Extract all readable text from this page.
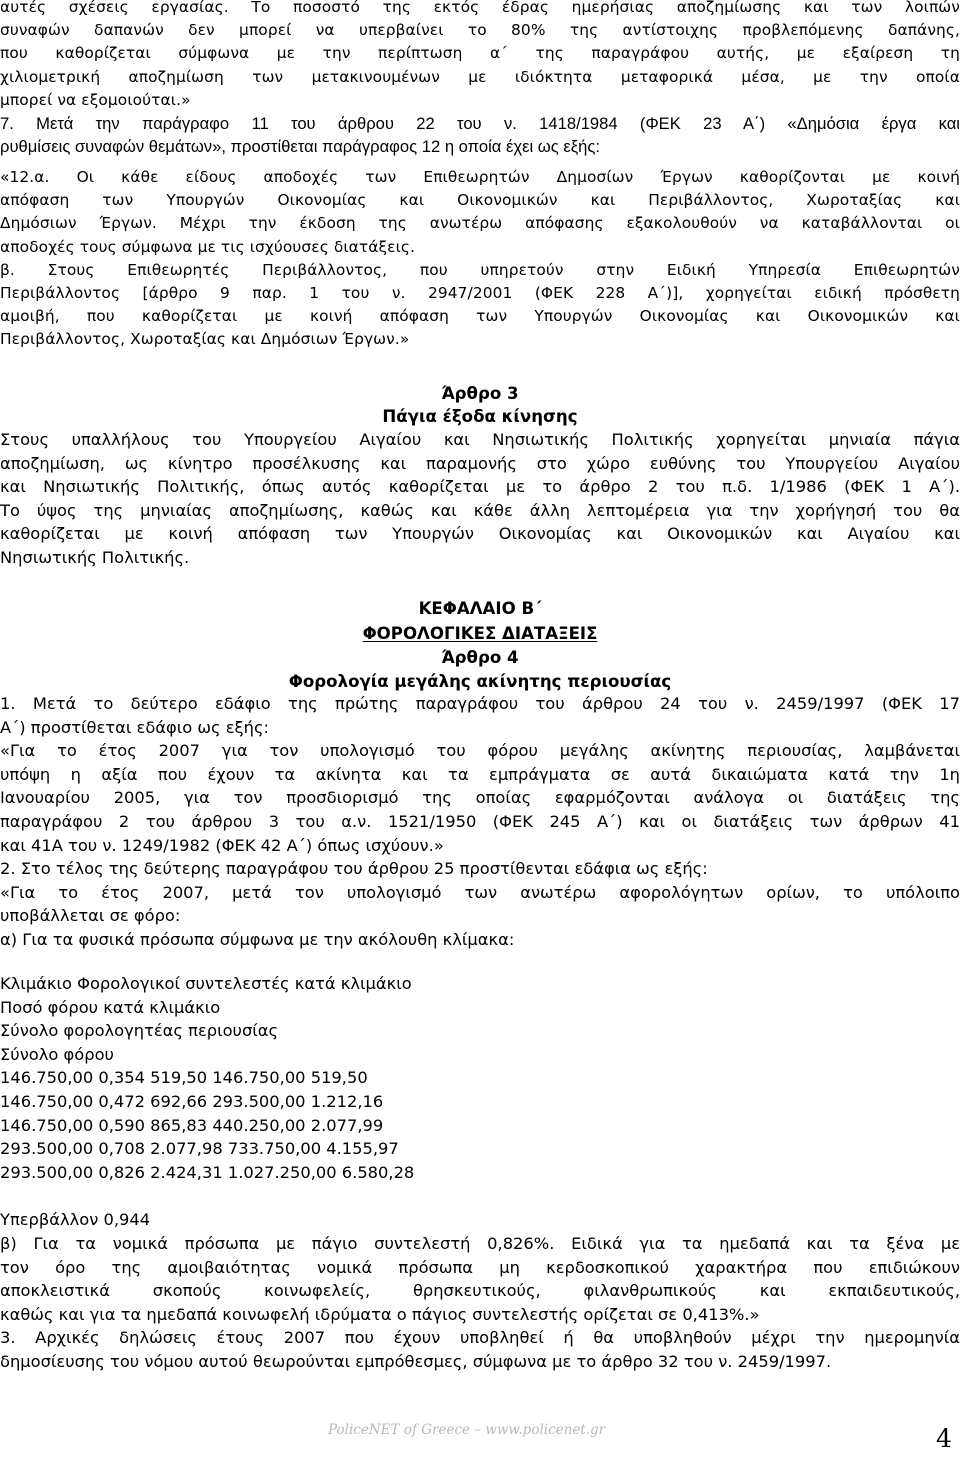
αυτές σχέσεις εργασίας. Το ποσοστό της εκτός έδρας ημερήσιας αποζημίωσης και των λοιπών
συναφών δαπανών δεν μπορεί να υπερβαίνει το 80% της αντίστοιχης προβλεπόμενης δαπάνης,
που καθορίζεται σύμφωνα με την περίπτωση α΄ της παραγράφου αυτής, με εξαίρεση τη
χιλιομετρική αποζημίωση των μετακινουμένων με ιδιόκτητα μεταφορικά μέσα, με την οποία
μπορεί να εξομοιούται.»
7. Μετά την παράγραφο 11 του άρθρου 22 του ν. 1418/1984 (ΦΕΚ 23 Α΄) «Δημόσια έργα και
ρυθμίσεις συναφών θεμάτων», προστίθεται παράγραφος 12 η οποία έχει ως εξής:
«12.α. Οι κάθε είδους αποδοχές των Επιθεωρητών Δημοσίων Έργων καθορίζονται με κοινή
απόφαση των Υπουργών Οικονομίας και Οικονομικών και Περιβάλλοντος, Χωροταξίας και
Δημόσιων Έργων. Μέχρι την έκδοση της ανωτέρω απόφασης εξακολουθούν να καταβάλλονται οι
αποδοχές τους σύμφωνα με τις ισχύουσες διατάξεις.
β. Στους Επιθεωρητές Περιβάλλοντος, που υπηρετούν στην Ειδική Υπηρεσία Επιθεωρητών
Περιβάλλοντος [άρθρο 9 παρ. 1 του ν. 2947/2001 (ΦΕΚ 228 Α΄)], χορηγείται ειδική πρόσθετη
αμοιβή, που καθορίζεται με κοινή απόφαση των Υπουργών Οικονομίας και Οικονομικών και
Περιβάλλοντος, Χωροταξίας και Δημόσιων Έργων.»
Άρθρο 3
Πάγια έξοδα κίνησης
Στους υπαλλήλους του Υπουργείου Αιγαίου και Νησιωτικής Πολιτικής χορηγείται μηνιαία πάγια
αποζημίωση, ως κίνητρο προσέλκυσης και παραμονής στο χώρο ευθύνης του Υπουργείου Αιγαίου
και Νησιωτικής Πολιτικής, όπως αυτός καθορίζεται με το άρθρο 2 του π.δ. 1/1986 (ΦΕΚ 1 Α΄).
Το ύψος της μηνιαίας αποζημίωσης, καθώς και κάθε άλλη λεπτομέρεια για την χορήγησή του θα
καθορίζεται με κοινή απόφαση των Υπουργών Οικονομίας και Οικονομικών και Αιγαίου και
Νησιωτικής Πολιτικής.
ΚΕΦΑΛΑΙΟ Β΄
ΦΟΡΟΛΟΓΙΚΕΣ ΔΙΑΤΑΞΕΙΣ
Άρθρο 4
Φορολογία μεγάλης ακίνητης περιουσίας
1. Μετά το δεύτερο εδάφιο της πρώτης παραγράφου του άρθρου 24 του ν. 2459/1997 (ΦΕΚ 17
Α΄) προστίθεται εδάφιο ως εξής:
«Για το έτος 2007 για τον υπολογισμό του φόρου μεγάλης ακίνητης περιουσίας, λαμβάνεται
υπόψη η αξία που έχουν τα ακίνητα και τα εμπράγματα σε αυτά δικαιώματα κατά την 1η
Ιανουαρίου 2005, για τον προσδιορισμό της οποίας εφαρμόζονται ανάλογα οι διατάξεις της
παραγράφου 2 του άρθρου 3 του α.ν. 1521/1950 (ΦΕΚ 245 Α΄) και οι διατάξεις των άρθρων 41
και 41Α του ν. 1249/1982 (ΦΕΚ 42 Α΄) όπως ισχύουν.»
2. Στο τέλος της δεύτερης παραγράφου του άρθρου 25 προστίθενται εδάφια ως εξής:
«Για το έτος 2007, μετά τον υπολογισμό των ανωτέρω αφορολόγητων ορίων, το υπόλοιπο
υποβάλλεται σε φόρο:
α) Για τα φυσικά πρόσωπα σύμφωνα με την ακόλουθη κλίμακα:
Κλιμάκιο Φορολογικοί συντελεστές κατά κλιμάκιο
Ποσό φόρου κατά κλιμάκιο
Σύνολο φορολογητέας περιουσίας
Σύνολο φόρου
146.750,00 0,354 519,50 146.750,00 519,50
146.750,00 0,472 692,66 293.500,00 1.212,16
146.750,00 0,590 865,83 440.250,00 2.077,99
293.500,00 0,708 2.077,98 733.750,00 4.155,97
293.500,00 0,826 2.424,31 1.027.250,00 6.580,28
Υπερβάλλον 0,944
β) Για τα νομικά πρόσωπα με πάγιο συντελεστή 0,826%. Ειδικά για τα ημεδαπά και τα ξένα με
τον όρο της αμοιβαιότητας νομικά πρόσωπα μη κερδοσκοπικού χαρακτήρα που επιδιώκουν
αποκλειστικά σκοπούς κοινωφελείς, θρησκευτικούς, φιλανθρωπικούς και εκπαιδευτικούς,
καθώς και για τα ημεδαπά κοινωφελή ιδρύματα ο πάγιος συντελεστής ορίζεται σε 0,413%.»
3. Αρχικές δηλώσεις έτους 2007 που έχουν υποβληθεί ή θα υποβληθούν μέχρι την ημερομηνία
δημοσίευσης του νόμου αυτού θεωρούνται εμπρόθεσμες, σύμφωνα με το άρθρο 32 του ν. 2459/1997.
PoliceNET of Greece – www.policenet.gr	4
